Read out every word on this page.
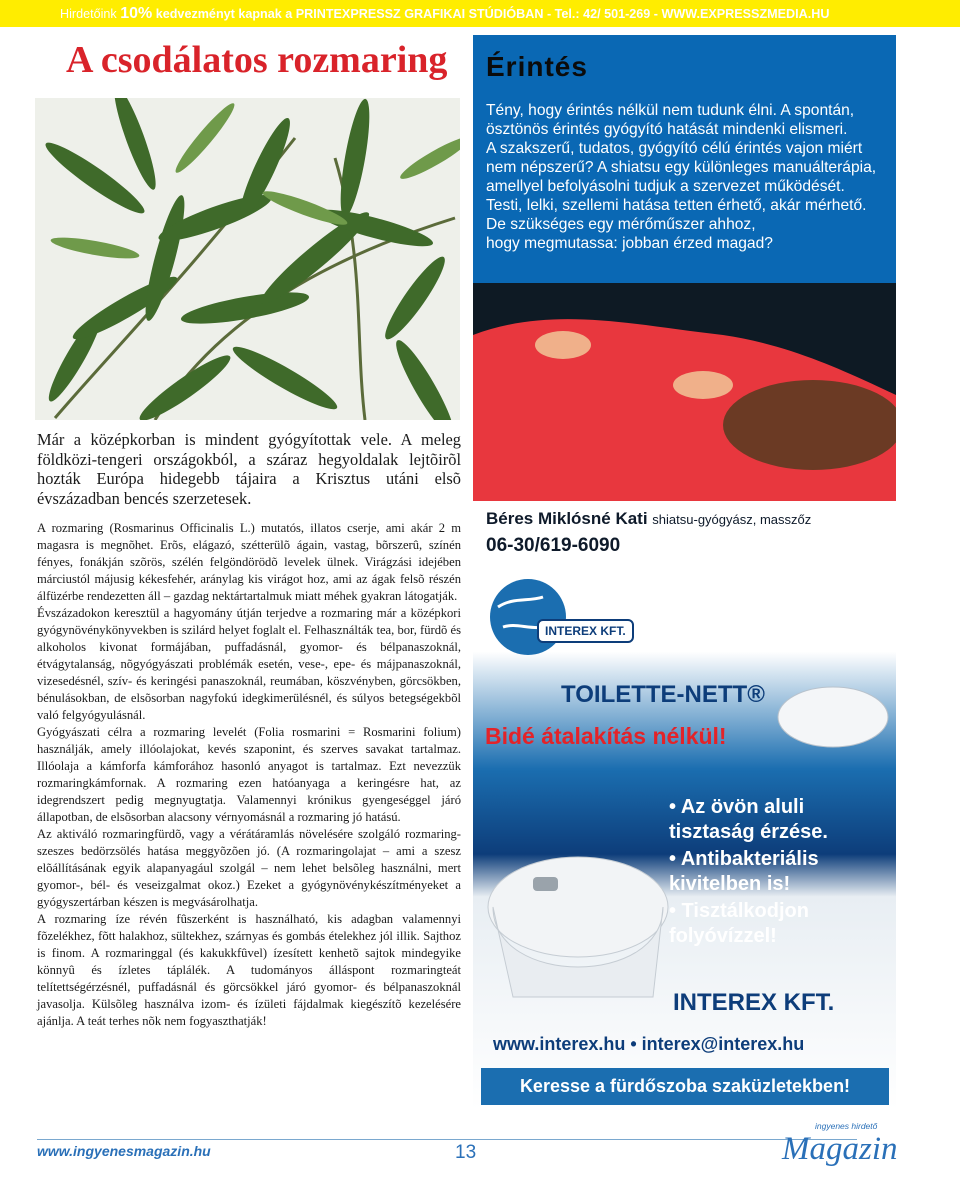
Hirdetőink 10% kedvezményt kapnak a PRINTEXPRESSZ GRAFIKAI STÚDIÓBAN - Tel.: 42/ 501-269 - WWW.EXPRESSZMEDIA.HU
A csodálatos rozmaring

Már a középkorban is mindent gyógyítottak vele. A meleg földközi-tengeri országokból, a száraz hegyoldalak lejtõirõl hozták Európa hidegebb tájaira a Krisztus utáni elsõ évszázadban bencés szerzetesek.

A rozmaring (Rosmarinus Officinalis L.) mutatós, illatos cserje, ami akár 2 m magasra is megnõhet. Erõs, elágazó, szétterülõ ágain, vastag, bõrszerû, színén fényes, fonákján szõrös, szélén felgöndörödõ levelek ülnek. Virágzási idejében márciustól májusig kékesfehér, aránylag kis virágot hoz, ami az ágak felsõ részén álfüzérbe rendezetten áll – gazdag nektártartalmuk miatt méhek gyakran látogatják.

Évszázadokon keresztül a hagyomány útján terjedve a rozmaring már a középkori gyógynövénykönyvekben is szilárd helyet foglalt el. Felhasználták tea, bor, fürdõ és alkoholos kivonat formájában, puffadásnál, gyomor- és bélpanaszoknál, étvágytalanság, nõgyógyászati problémák esetén, vese-, epe- és májpanaszoknál, vizesedésnél, szív- és keringési panaszoknál, reumában, köszvényben, görcsökben, bénulásokban, de elsõsorban nagyfokú idegkimerülésnél, és súlyos betegségekbõl való felgyógyulásnál.

Gyógyászati célra a rozmaring levelét (Folia rosmarini = Rosmarini folium) használják, amely illóolajokat, kevés szaponint, és szerves savakat tartalmaz. Illóolaja a kámforfa kámforához hasonló anyagot is tartalmaz. Ezt nevezzük rozmaringkámfornak. A rozmaring ezen hatóanyaga a keringésre hat, az idegrendszert pedig megnyugtatja. Valamennyi krónikus gyengeséggel járó állapotban, de elsõsorban alacsony vérnyomásnál a rozmaring jó hatású.

Az aktiváló rozmaringfürdõ, vagy a vérátáramlás növelésére szolgáló rozmaring-szeszes bedörzsölés hatása meggyõzõen jó. (A rozmaringolajat – ami a szesz elõállításának egyik alapanyagául szolgál – nem lehet belsõleg használni, mert gyomor-, bél- és veseizgalmat okoz.) Ezeket a gyógynövénykészítményeket a gyógyszertárban készen is megvásárolhatja.

A rozmaring íze révén fûszerként is használható, kis adagban valamennyi fõzelékhez, fõtt halakhoz, sültekhez, szárnyas és gombás ételekhez jól illik. Sajthoz is finom. A rozmaringgal (és kakukkfûvel) ízesített kenhetõ sajtok mindegyike könnyû és ízletes táplálék. A tudományos álláspont rozmaringteát telítettségérzésnél, puffadásnál és görcsökkel járó gyomor- és bélpanaszoknál javasolja. Külsõleg használva izom- és ízületi fájdalmak kiegészítõ kezelésére ajánlja. A teát terhes nõk nem fogyaszthatják!

Érintés
Tény, hogy érintés nélkül nem tudunk élni. A spontán,
ösztönös érintés gyógyító hatását mindenki elismeri.
A szakszerű, tudatos, gyógyító célú érintés vajon miért
nem népszerű? A shiatsu egy különleges manuálterápia,
amellyel befolyásolni tudjuk a szervezet működését.
Testi, lelki, szellemi hatása tetten érhető, akár mérhető.
De szükséges egy mérőműszer ahhoz,
hogy megmutassa: jobban érzed magad?
Béres Miklósné Kati shiatsu-gyógyász, masszőz
06-30/619-6090
INTEREX KFT.
TOILETTE-NETT®
Bidé átalakítás nélkül!
• Az övön aluli tisztaság érzése.
• Antibakteriális kivitelben is!
• Tisztálkodjon folyóvízzel!
INTEREX KFT.
www.interex.hu • interex@interex.hu
Keresse a fürdőszoba szaküzletekben!
www.ingyenesmagazin.hu	13
ingyenes hirdető
Magazin
